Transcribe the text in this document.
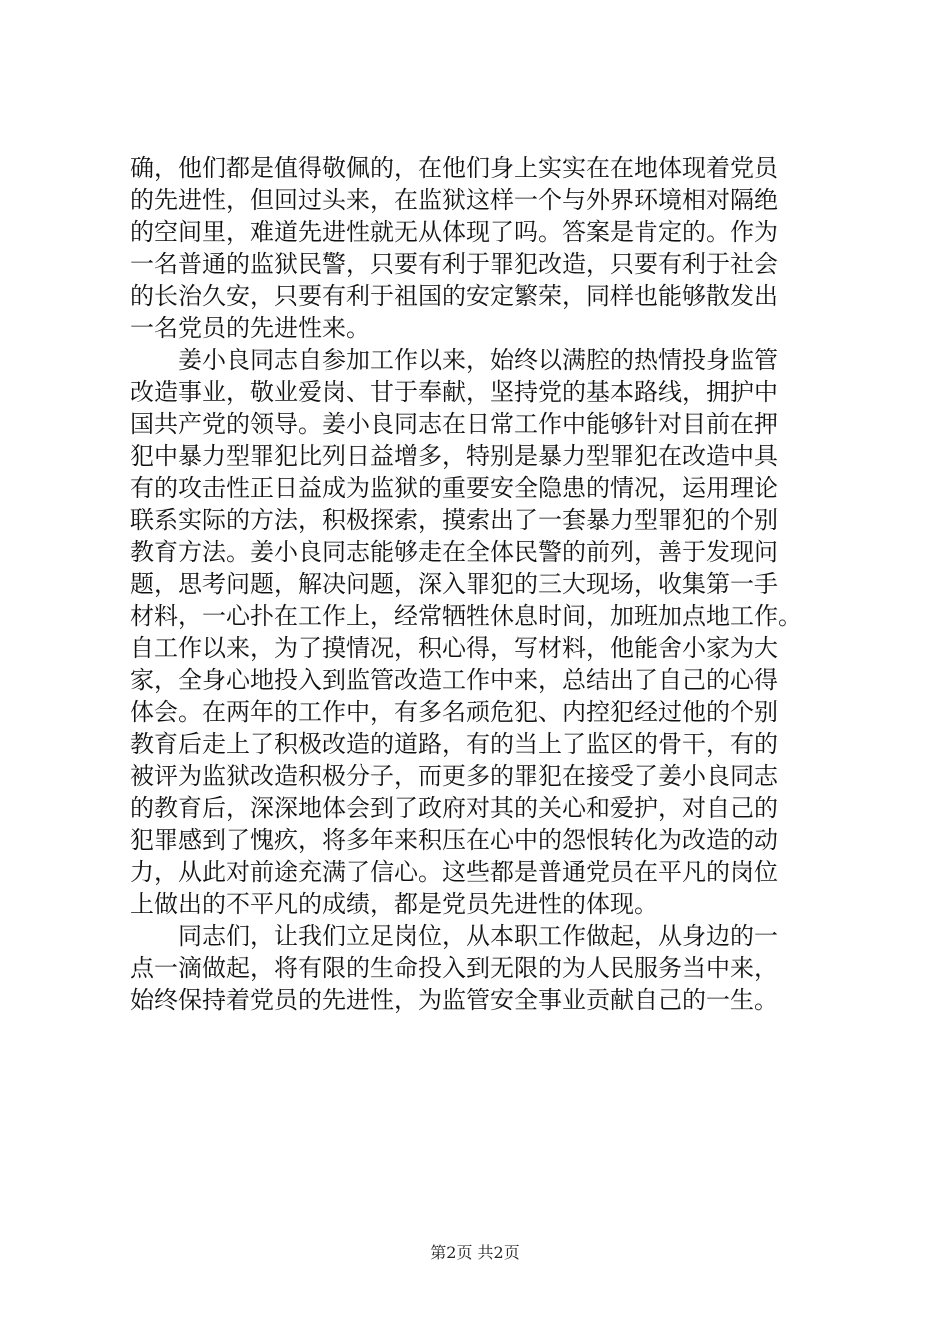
确，他们都是值得敬佩的，在他们身上实实在在地体现着党员
的先进性，但回过头来，在监狱这样一个与外界环境相对隔绝
的空间里，难道先进性就无从体现了吗。答案是肯定的。作为
一名普通的监狱民警，只要有利于罪犯改造，只要有利于社会
的长治久安，只要有利于祖国的安定繁荣，同样也能够散发出
一名党员的先进性来。
　　姜小良同志自参加工作以来，始终以满腔的热情投身监管
改造事业，敬业爱岗、甘于奉献，坚持党的基本路线，拥护中
国共产党的领导。姜小良同志在日常工作中能够针对目前在押
犯中暴力型罪犯比列日益增多，特别是暴力型罪犯在改造中具
有的攻击性正日益成为监狱的重要安全隐患的情况，运用理论
联系实际的方法，积极探索，摸索出了一套暴力型罪犯的个别
教育方法。姜小良同志能够走在全体民警的前列，善于发现问
题，思考问题，解决问题，深入罪犯的三大现场，收集第一手
材料，一心扑在工作上，经常牺牲休息时间，加班加点地工作。
自工作以来，为了摸情况，积心得，写材料，他能舍小家为大
家，全身心地投入到监管改造工作中来，总结出了自己的心得
体会。在两年的工作中，有多名顽危犯、内控犯经过他的个别
教育后走上了积极改造的道路，有的当上了监区的骨干，有的
被评为监狱改造积极分子，而更多的罪犯在接受了姜小良同志
的教育后，深深地体会到了政府对其的关心和爱护，对自己的
犯罪感到了愧疚，将多年来积压在心中的怨恨转化为改造的动
力，从此对前途充满了信心。这些都是普通党员在平凡的岗位
上做出的不平凡的成绩，都是党员先进性的体现。
　　同志们，让我们立足岗位，从本职工作做起，从身边的一
点一滴做起，将有限的生命投入到无限的为人民服务当中来，
始终保持着党员的先进性，为监管安全事业贡献自己的一生。
第2页 共2页
